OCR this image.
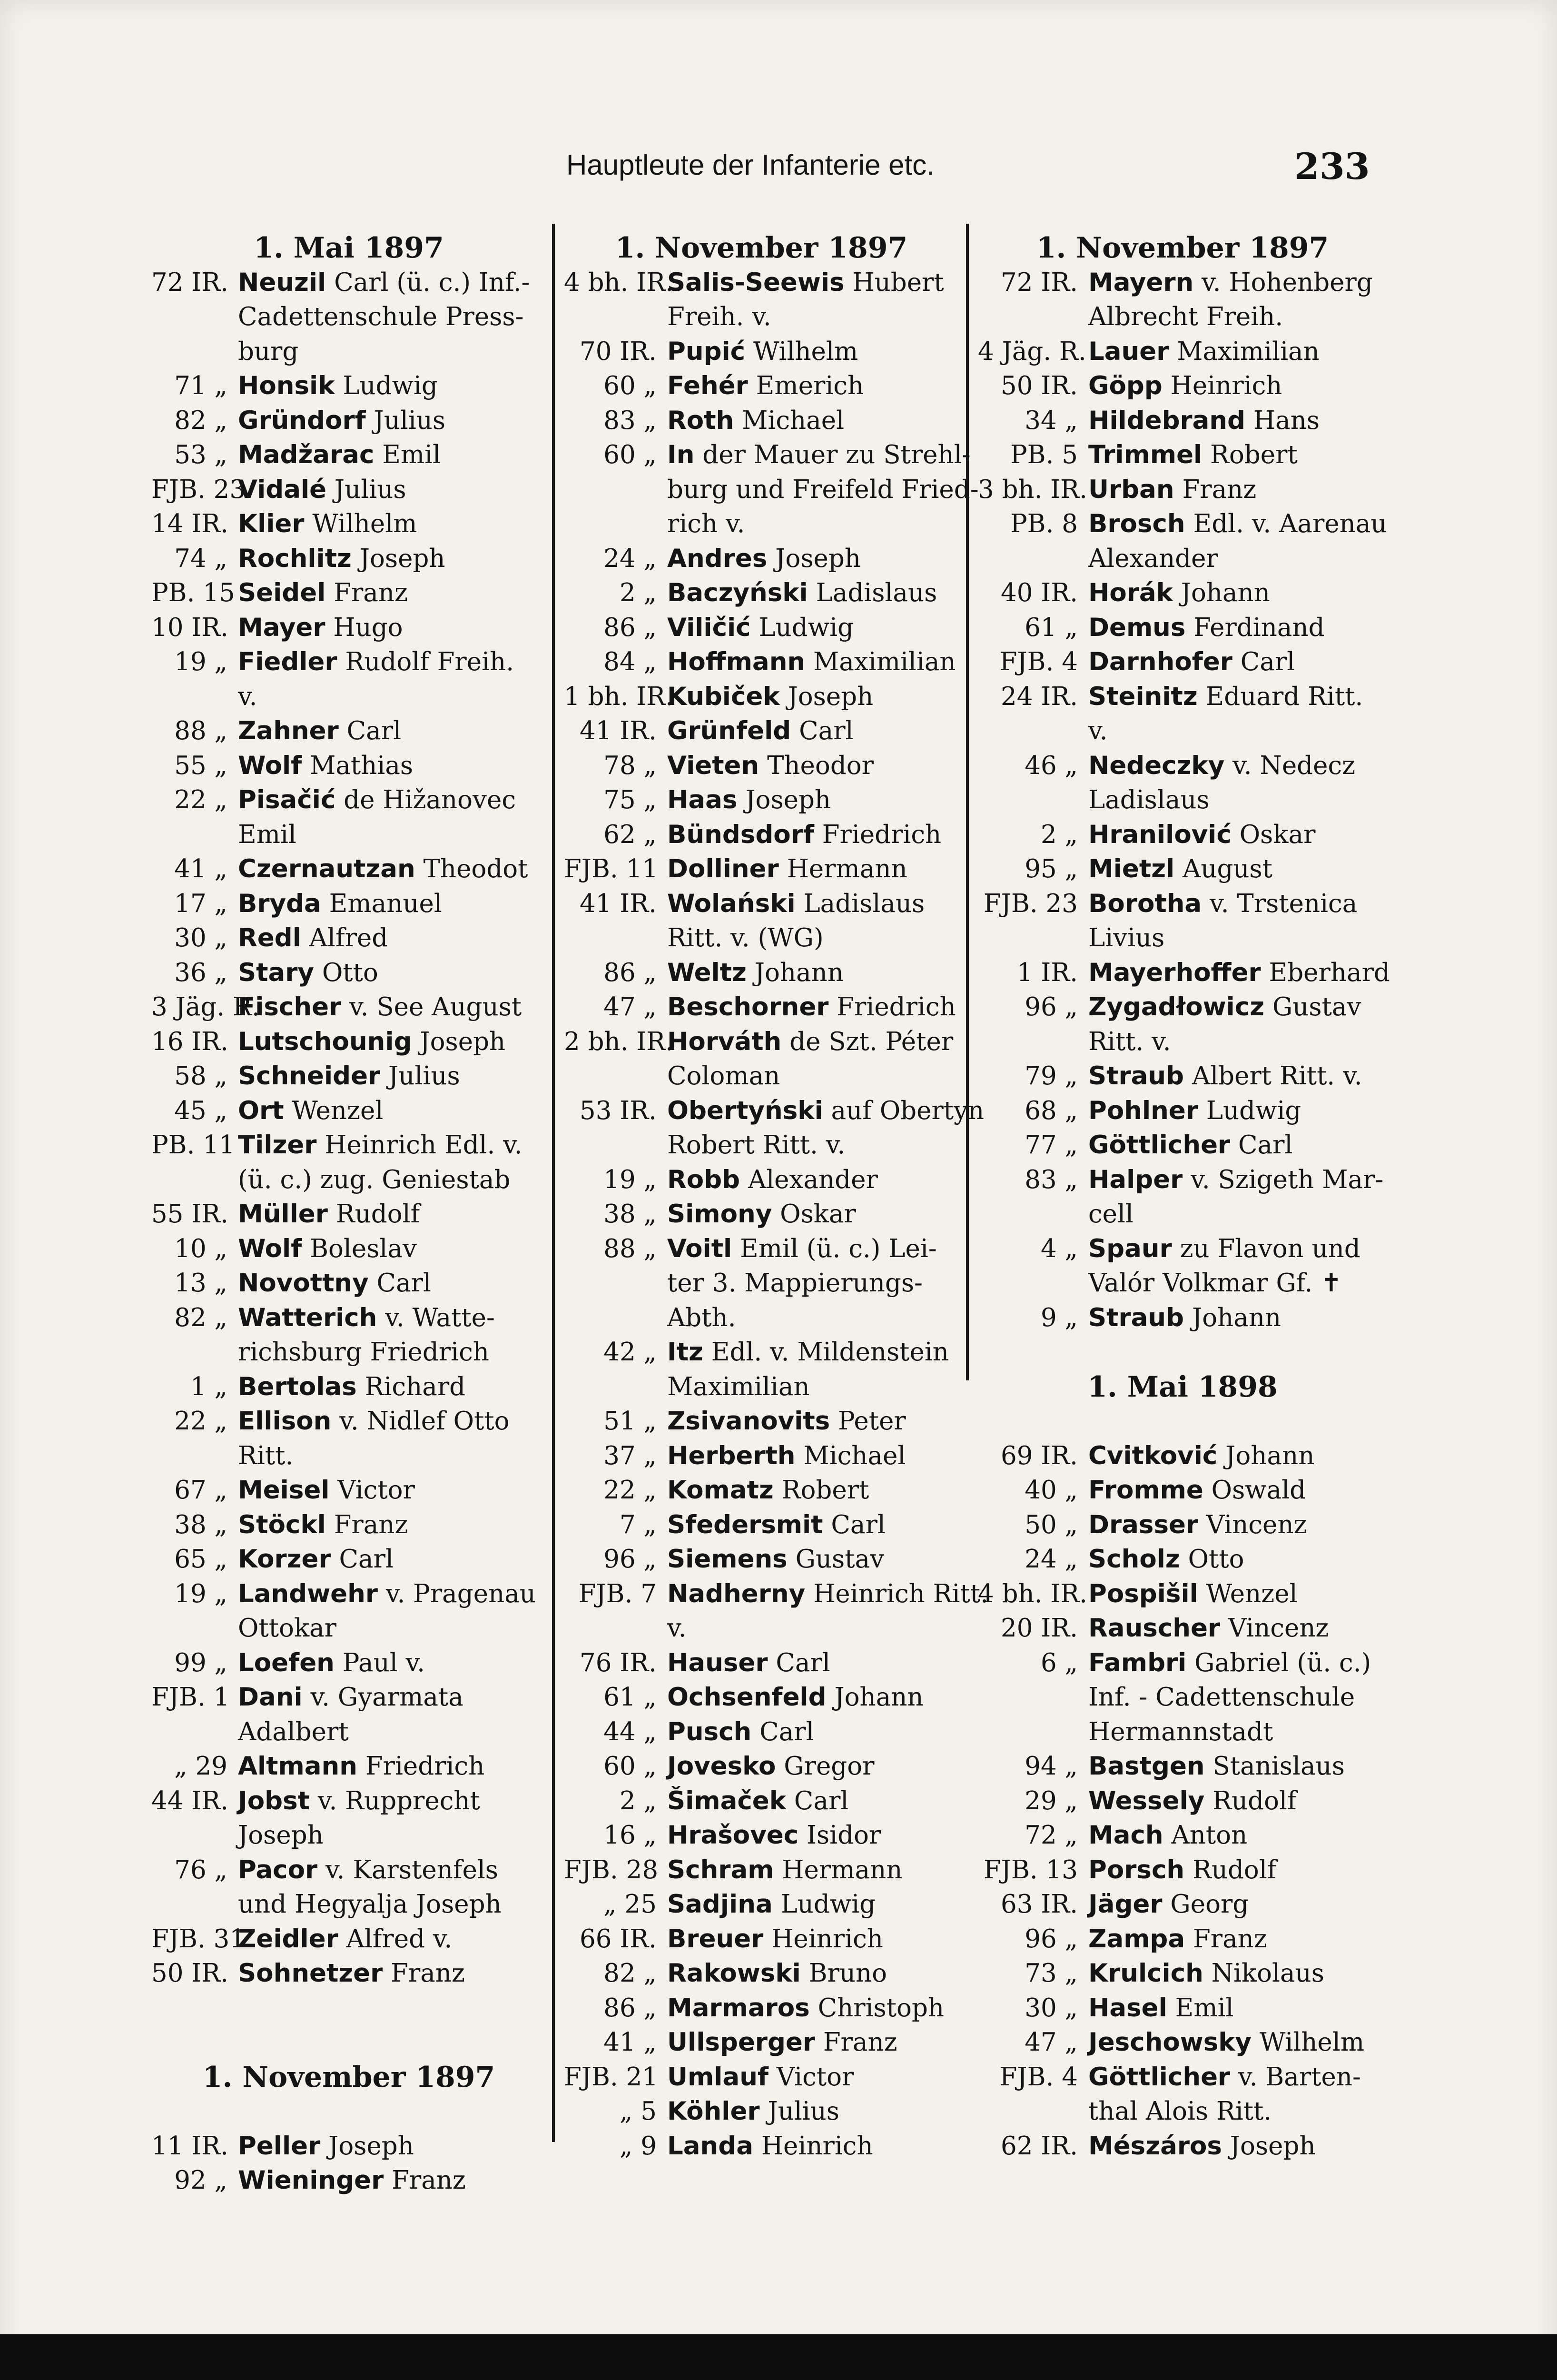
Hauptleute der Infanterie etc.	233
1. Mai 1897
72 IR. Neuzil Carl (ü. c.) Inf.-
Cadettenschule Press-
burg
71 „ Honsik Ludwig
82 „ Gründorf Julius
53 „ Madžarac Emil
FJB. 23
Vidalé Julius
14 IR. Klier Wilhelm
74 „ Rochlitz Joseph
PB. 15 Seidel Franz
10 IR. Mayer Hugo
19 „ Fiedler Rudolf Freih.
v.
88 „ Zahner Carl
55 „ Wolf Mathias
22 „ Pisačić de Hižanovec
Emil
41 „ Czernautzan Theodot
17 „ Bryda Emanuel
30 „ Redl Alfred
36 „ Stary Otto
3 Jäg. R.
Fischer v. See August
16 IR. Lutschounig Joseph
58 „ Schneider Julius
45 „ Ort Wenzel
PB. 11 Tilzer Heinrich Edl. v.
(ü. c.) zug. Geniestab
55 IR. Müller Rudolf
10 „ Wolf Boleslav
13 „ Novottny Carl
82 „ Watterich v. Watte-
richsburg Friedrich
1 „ Bertolas Richard
22 „ Ellison v. Nidlef Otto
Ritt.
67 „ Meisel Victor
38 „ Stöckl Franz
65 „ Korzer Carl
19 „ Landwehr v. Pragenau
Ottokar
99 „ Loefen Paul v.
FJB. 1 Dani v. Gyarmata
Adalbert
„ 29 Altmann Friedrich
44 IR. Jobst v. Rupprecht
Joseph
76 „ Pacor v. Karstenfels
und Hegyalja Joseph
FJB. 31
Zeidler Alfred v.
50 IR. Sohnetzer Franz
1. November 1897
11 IR. Peller Joseph
92 „ Wieninger Franz
1. November 1897
4 bh. IR.
Salis-Seewis Hubert
Freih. v.
70 IR. Pupić Wilhelm
60 „ Fehér Emerich
83 „ Roth Michael
60 „ In der Mauer zu Strehl-
burg und Freifeld Fried-
rich v.
24 „ Andres Joseph
2 „ Baczyński Ladislaus
86 „ Viličić Ludwig
84 „ Hoffmann Maximilian
1 bh. IR.
Kubiček Joseph
41 IR. Grünfeld Carl
78 „ Vieten Theodor
75 „ Haas Joseph
62 „ Bündsdorf Friedrich
FJB. 11 Dolliner Hermann
41 IR. Wolański Ladislaus
Ritt. v. (WG)
86 „ Weltz Johann
47 „ Beschorner Friedrich
2 bh. IR.
Horváth de Szt. Péter
Coloman
53 IR. Obertyński auf Obertyn
Robert Ritt. v.
19 „ Robb Alexander
38 „ Simony Oskar
88 „ Voitl Emil (ü. c.) Lei-
ter 3. Mappierungs-
Abth.
42 „ Itz Edl. v. Mildenstein
Maximilian
51 „ Zsivanovits Peter
37 „ Herberth Michael
22 „ Komatz Robert
7 „ Sfedersmit Carl
96 „ Siemens Gustav
FJB. 7 Nadherny Heinrich Ritt.
v.
76 IR. Hauser Carl
61 „ Ochsenfeld Johann
44 „ Pusch Carl
60 „ Jovesko Gregor
2 „ Šimaček Carl
16 „ Hrašovec Isidor
FJB. 28 Schram Hermann
„ 25 Sadjina Ludwig
66 IR. Breuer Heinrich
82 „ Rakowski Bruno
86 „ Marmaros Christoph
41 „ Ullsperger Franz
FJB. 21 Umlauf Victor
„ 5 Köhler Julius
„ 9 Landa Heinrich
1. November 1897
72 IR. Mayern v. Hohenberg
Albrecht Freih.
4 Jäg. R. Lauer Maximilian
50 IR. Göpp Heinrich
34 „ Hildebrand Hans
PB. 5 Trimmel Robert
3 bh. IR. Urban Franz
PB. 8 Brosch Edl. v. Aarenau
Alexander
40 IR. Horák Johann
61 „ Demus Ferdinand
FJB. 4 Darnhofer Carl
24 IR. Steinitz Eduard Ritt.
v.
46 „ Nedeczky v. Nedecz
Ladislaus
2 „ Hranilović Oskar
95 „ Mietzl August
FJB. 23 Borotha v. Trstenica
Livius
1 IR. Mayerhoffer Eberhard
96 „ Zygadłowicz Gustav
Ritt. v.
79 „ Straub Albert Ritt. v.
68 „ Pohlner Ludwig
77 „ Göttlicher Carl
83 „ Halper v. Szigeth Mar-
cell
4 „ Spaur zu Flavon und
Valór Volkmar Gf. ✝
9 „ Straub Johann
1. Mai 1898
69 IR. Cvitković Johann
40 „ Fromme Oswald
50 „ Drasser Vincenz
24 „ Scholz Otto
4 bh. IR. Pospišil Wenzel
20 IR. Rauscher Vincenz
6 „ Fambri Gabriel (ü. c.)
Inf. - Cadettenschule
Hermannstadt
94 „ Bastgen Stanislaus
29 „ Wessely Rudolf
72 „ Mach Anton
FJB. 13 Porsch Rudolf
63 IR. Jäger Georg
96 „ Zampa Franz
73 „ Krulcich Nikolaus
30 „ Hasel Emil
47 „ Jeschowsky Wilhelm
FJB. 4 Göttlicher v. Barten-
thal Alois Ritt.
62 IR. Mészáros Joseph
